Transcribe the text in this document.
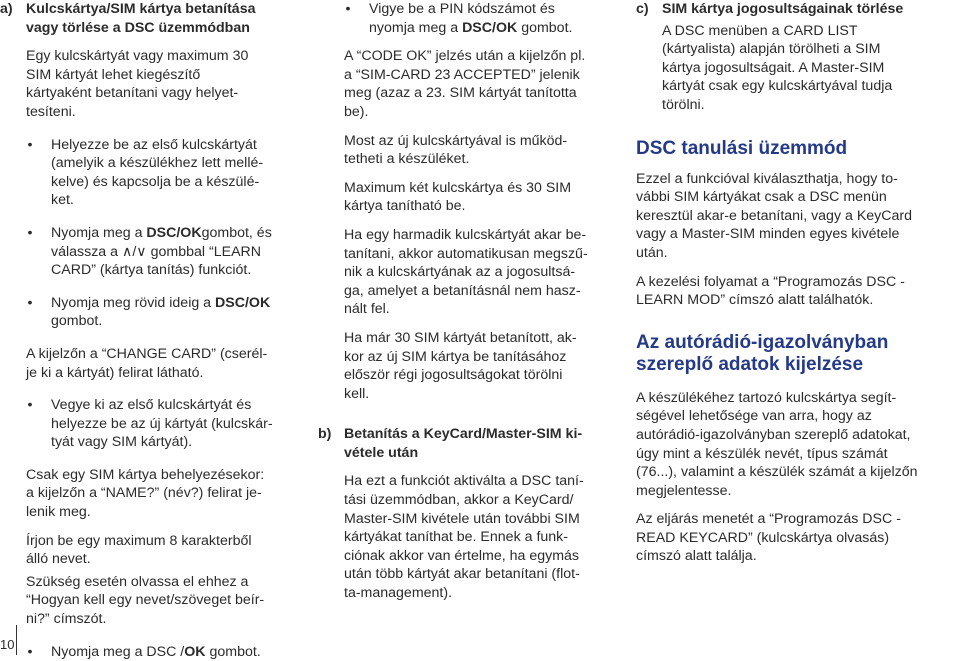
a) Kulcskártya/SIM kártya betanítása
vagy törlése a DSC üzemmódban
Egy kulcskártyát vagy maximum 30
SIM kártyát lehet kiegészítő
kártyaként betanítani vagy helyet-
tesíteni.
• Helyezze be az első kulcskártyát
(amelyik a készülékhez lett mellé-
kelve) és kapcsolja be a készülé-
ket.
• Nyomja meg a DSC/OKgombot, és
válassza a ∧/∨ gombbal “LEARN
CARD” (kártya tanítás) funkciót.
• Nyomja meg rövid ideig a DSC/OK
gombot.
A kijelzőn a “CHANGE CARD” (cserél-
je ki a kártyát) felirat látható.
• Vegye ki az első kulcskártyát és
helyezze be az új kártyát (kulcskár-
tyát vagy SIM kártyát).
Csak egy SIM kártya behelyezésekor:
a kijelzőn a “NAME?” (név?) felirat je-
lenik meg.
Írjon be egy maximum 8 karakterből
álló nevet.
Szükség esetén olvassa el ehhez a
“Hogyan kell egy nevet/szöveget beír-
ni?” címszót.
• Nyomja meg a DSC /OK gombot.
• Vigye be a PIN kódszámot és
nyomja meg a DSC/OK gombot.
A “CODE OK” jelzés után a kijelzőn pl.
a “SIM-CARD 23 ACCEPTED” jelenik
meg (azaz a 23. SIM kártyát tanította
be).
Most az új kulcskártyával is működ-
tetheti a készüléket.
Maximum két kulcskártya és 30 SIM
kártya tanítható be.
Ha egy harmadik kulcskártyát akar be-
tanítani, akkor automatikusan megszű-
nik a kulcskártyának az a jogosultsá-
ga, amelyet a betanításnál nem hasz-
nált fel.
Ha már 30 SIM kártyát betanított, ak-
kor az új SIM kártya be tanításához
először régi jogosultságokat törölni
kell.
b) Betanítás a KeyCard/Master-SIM ki-
vétele után
Ha ezt a funkciót aktiválta a DSC taní-
tási üzemmódban, akkor a KeyCard/
Master-SIM kivétele után további SIM
kártyákat taníthat be. Ennek a funk-
ciónak akkor van értelme, ha egymás
után több kártyát akar betanítani (flot-
ta-management).
c) SIM kártya jogosultságainak törlése
A DSC menüben a CARD LIST
(kártyalista) alapján törölheti a SIM
kártya jogosultságait. A Master-SIM
kártyát csak egy kulcskártyával tudja
törölni.
DSC tanulási üzemmód
Ezzel a funkcióval kiválaszthatja, hogy to-
vábbi SIM kártyákat csak a DSC menün
keresztül akar-e betanítani, vagy a KeyCard
vagy a Master-SIM minden egyes kivétele
után.
A kezelési folyamat a “Programozás DSC -
LEARN MOD” címszó alatt találhatók.
Az autórádió-igazolványban
szereplő adatok kijelzése
A készülékéhez tartozó kulcskártya segít-
ségével lehetősége van arra, hogy az
autórádió-igazolványban szereplő adatokat,
úgy mint a készülék nevét, típus számát
(76...), valamint a készülék számát a kijelzőn
megjelentesse.
Az eljárás menetét a “Programozás DSC -
READ KEYCARD” (kulcskártya olvasás)
címszó alatt találja.
10
